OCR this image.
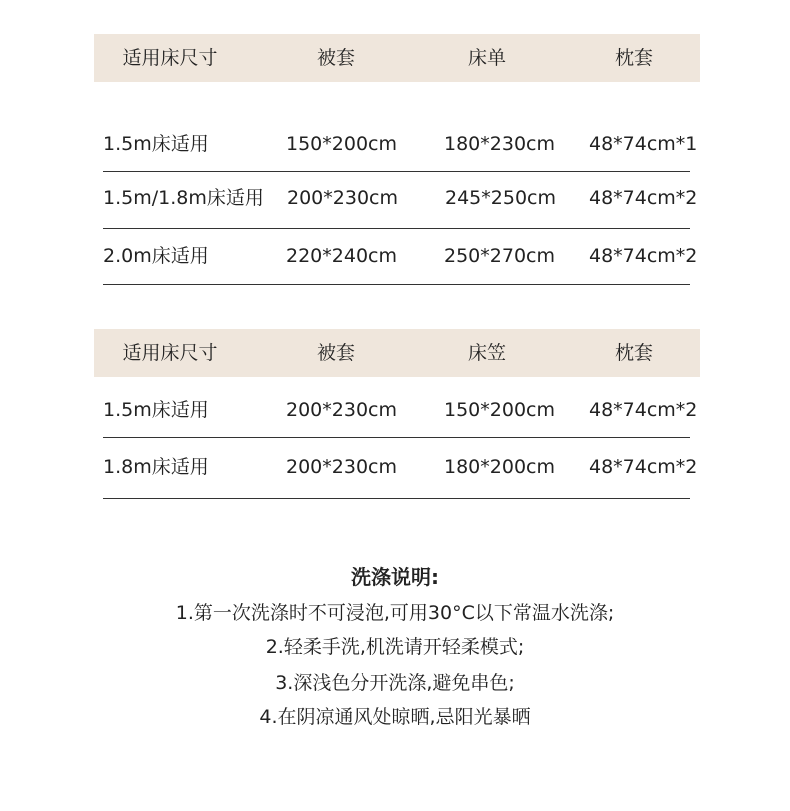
适用床尺寸	被套	床单	枕套
1.5m床适用	150*200cm 180*230cm 48*74cm*1
1.5m/1.8m床适用 200*230cm 245*250cm 48*74cm*2
2.0m床适用	220*240cm 250*270cm 48*74cm*2
适用床尺寸	被套	床笠	枕套
1.5m床适用	200*230cm 150*200cm 48*74cm*2
1.8m床适用	200*230cm 180*200cm 48*74cm*2
洗涤说明:
1.第一次洗涤时不可浸泡,可用30°C以下常温水洗涤;
2.轻柔手洗,机洗请开轻柔模式;
3.深浅色分开洗涤,避免串色;
4.在阴凉通风处晾晒,忌阳光暴晒
